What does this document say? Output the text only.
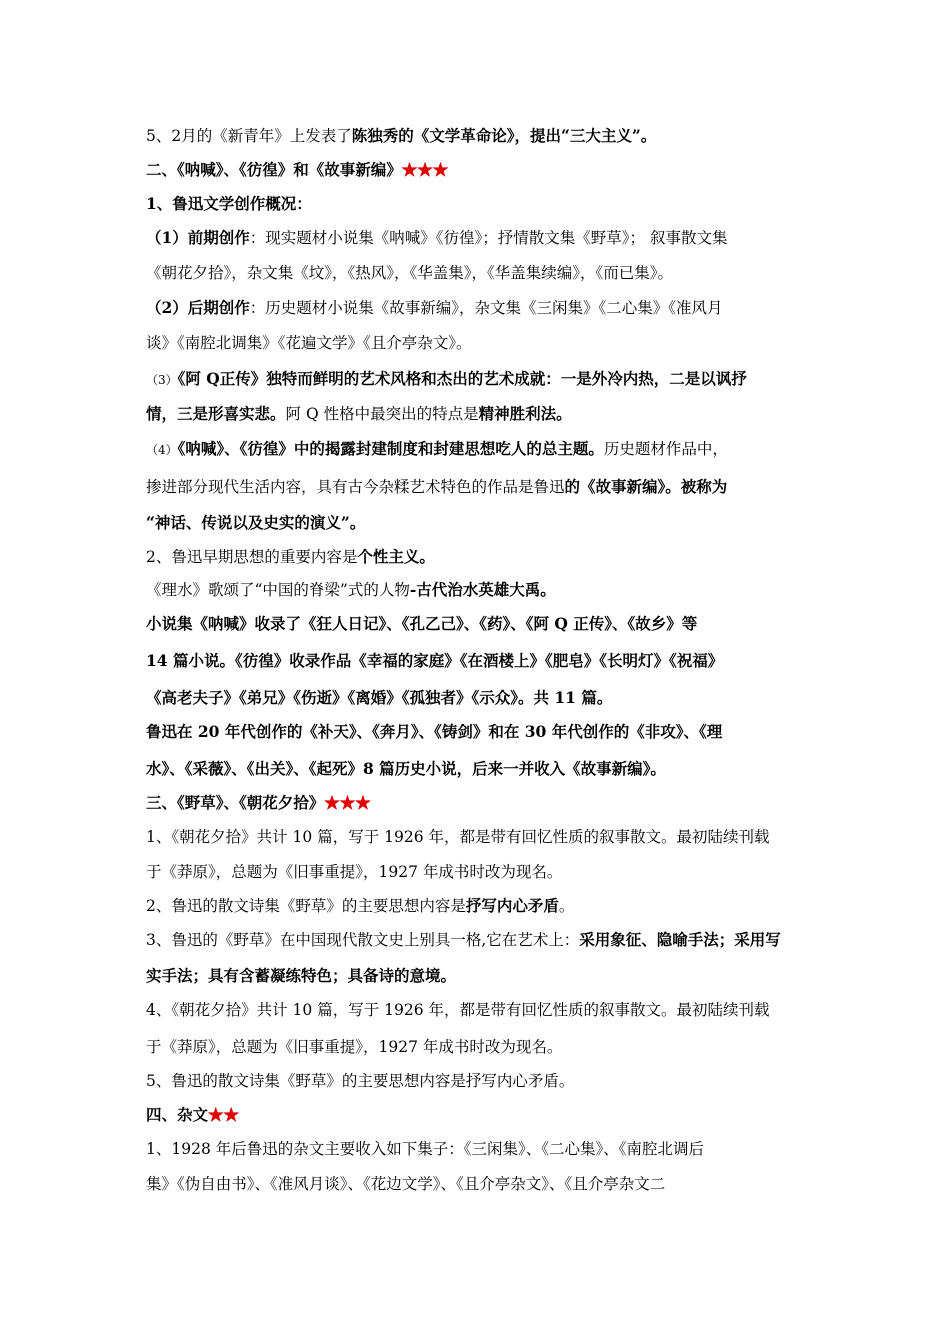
5、2月的《新青年》上发表了陈独秀的《文学革命论》，提出“三大主义”。
二、《呐喊》、《彷徨》和《故事新编》★★★
1、鲁迅文学创作概况：
（1）前期创作：现实题材小说集《呐喊》《彷徨》；抒情散文集《野草》； 叙事散文集
《朝花夕拾》，杂文集《坟》，《热风》，《华盖集》，《华盖集续编》，《而已集》。
（2）后期创作：历史题材小说集《故事新编》，杂文集《三闲集》《二心集》《准风月
谈》《南腔北调集》《花遍文学》《且介亭杂文》。
（3）《阿 Q正传》独特而鲜明的艺术风格和杰出的艺术成就：一是外冷内热，二是以讽抒
情，三是形喜实悲。阿 Q 性格中最突出的特点是精神胜利法。
（4）《呐喊》、《彷徨》中的揭露封建制度和封建思想吃人的总主题。历史题材作品中，
掺进部分现代生活内容，具有古今杂糅艺术特色的作品是鲁迅的《故事新编》。被称为
“神话、传说以及史实的演义”。
2、鲁迅早期思想的重要内容是个性主义。
《理水》歌颂了“中国的脊梁”式的人物-古代治水英雄大禹。
小说集《呐喊》收录了《狂人日记》、《孔乙己》、《药》、《阿 Q 正传》、《故乡》等
14 篇小说。《彷徨》收录作品《幸福的家庭》《在酒楼上》《肥皂》《长明灯》《祝福》
《高老夫子》《弟兄》《伤逝》《离婚》《孤独者》《示众》。共 11 篇。
鲁迅在 20 年代创作的《补天》、《奔月》、《铸剑》和在 30 年代创作的《非攻》、《理
水》、《采薇》、《出关》、《起死》8 篇历史小说，后来一并收入《故事新编》。
三、《野草》、《朝花夕拾》★★★
1、《朝花夕拾》共计 10 篇，写于 1926 年，都是带有回忆性质的叙事散文。最初陆续刊载
于《莽原》，总题为《旧事重提》，1927 年成书时改为现名。
2、鲁迅的散文诗集《野草》的主要思想内容是抒写内心矛盾。
3、鲁迅的《野草》在中国现代散文史上别具一格,它在艺术上：采用象征、隐喻手法；采用写
实手法；具有含蓄凝练特色；具备诗的意境。
4、《朝花夕拾》共计 10 篇，写于 1926 年，都是带有回忆性质的叙事散文。最初陆续刊载
于《莽原》，总题为《旧事重提》，1927 年成书时改为现名。
5、鲁迅的散文诗集《野草》的主要思想内容是抒写内心矛盾。
四、杂文★★
1、1928 年后鲁迅的杂文主要收入如下集子：《三闲集》、《二心集》、《南腔北调后
集》《伪自由书》、《准风月谈》、《花边文学》、《且介亭杂文》、《且介亭杂文二
